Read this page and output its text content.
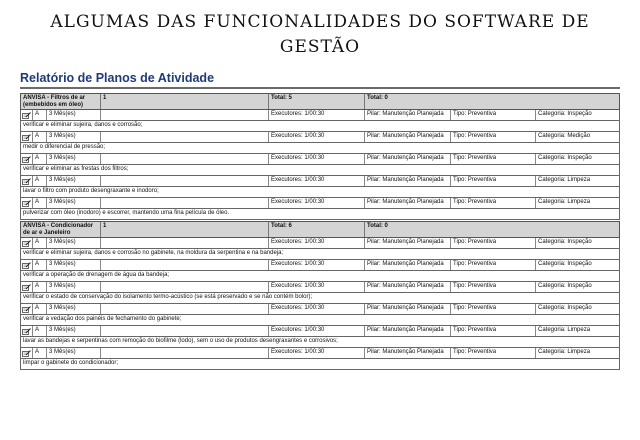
ALGUMAS DAS FUNCIONALIDADES DO SOFTWARE DE
GESTÃO
Relatório de Planos de Atividade
ANVISA - Filtros de ar (embebidos em óleo)
1	Total: 5	Total: 0
A	3 Mês(es)	Executores: 1/00:30	Pilar: Manutenção Planejada	Tipo: Preventiva	Categoria: Inspeção
verificar e eliminar sujeira, danos e corrosão;
A	3 Mês(es)	Executores: 1/00:30	Pilar: Manutenção Planejada	Tipo: Preventiva	Categoria: Medição
medir o diferencial de pressão;
A	3 Mês(es)	Executores: 1/00:30	Pilar: Manutenção Planejada	Tipo: Preventiva	Categoria: Inspeção
verificar e eliminar as frestas dos filtros;
A	3 Mês(es)	Executores: 1/00:30	Pilar: Manutenção Planejada	Tipo: Preventiva	Categoria: Limpeza
lavar o filtro com produto desengraxante e inodoro;
A	3 Mês(es)	Executores: 1/00:30	Pilar: Manutenção Planejada	Tipo: Preventiva	Categoria: Limpeza
pulverizar com óleo (inodoro) e escorrer, mantendo uma fina película de óleo.
ANVISA - Condicionador de ar e Janeleiro
1	Total: 6	Total: 0
A	3 Mês(es)	Executores: 1/00:30	Pilar: Manutenção Planejada	Tipo: Preventiva	Categoria: Inspeção
verificar e eliminar sujeira, danos e corrosão no gabinete, na moldura da serpentina e na bandeja;
A	3 Mês(es)	Executores: 1/00:30	Pilar: Manutenção Planejada	Tipo: Preventiva	Categoria: Inspeção
verificar a operação de drenagem de água da bandeja;
A	3 Mês(es)	Executores: 1/00:30	Pilar: Manutenção Planejada	Tipo: Preventiva	Categoria: Inspeção
verificar o estado de conservação do isolamento termo-acústico (se está preservado e se não contém bolor);
A	3 Mês(es)	Executores: 1/00:30	Pilar: Manutenção Planejada	Tipo: Preventiva	Categoria: Inspeção
verificar a vedação dos painéis de fechamento do gabinete;
A	3 Mês(es)	Executores: 1/00:30	Pilar: Manutenção Planejada	Tipo: Preventiva	Categoria: Limpeza
lavar as bandejas e serpentinas com remoção do biofilme (lodo), sem o uso de produtos desengraxantes e corrosivos;
A	3 Mês(es)	Executores: 1/00:30	Pilar: Manutenção Planejada	Tipo: Preventiva	Categoria: Limpeza
limpar o gabinete do condicionador;
